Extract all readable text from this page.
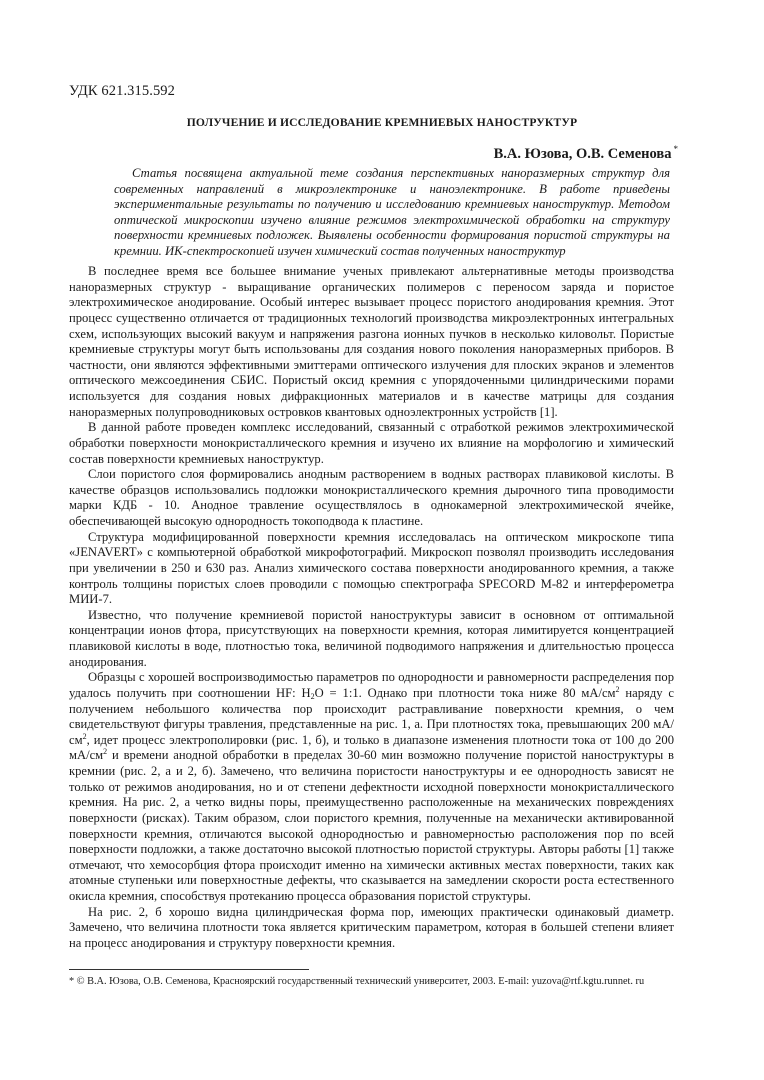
УДК 621.315.592
ПОЛУЧЕНИЕ И ИССЛЕДОВАНИЕ КРЕМНИЕВЫХ НАНОСТРУКТУР
В.А. Юзова, О.В. Семенова *
Статья посвящена актуальной теме создания перспективных наноразмерных структур для современных направлений в микроэлектронике и наноэлектронике. В работе приведены экспериментальные результаты по получению и исследованию кремниевых наноструктур. Методом оптической микроскопии изучено влияние режимов электрохимической обработки на структуру поверхности кремниевых подложек. Выявлены особенности формирования пористой структуры на кремнии. ИК-спектроскопией изучен химический состав полученных наноструктур

В последнее время все большее внимание ученых привлекают альтернативные методы производства наноразмерных структур - выращивание органических полимеров с переносом заряда и пористое электрохимическое анодирование. Особый интерес вызывает процесс пористого анодирования кремния. Этот процесс существенно отличается от традиционных технологий производства микроэлектронных интегральных схем, использующих высокий вакуум и напряжения разгона ионных пучков в несколько киловольт. Пористые кремниевые структуры могут быть использованы для создания нового поколения наноразмерных приборов. В частности, они являются эффективными эмиттерами оптического излучения для плоских экранов и элементов оптического межсоединения СБИС. Пористый оксид кремния с упорядоченными цилиндрическими порами используется для создания новых дифракционных материалов и в качестве матрицы для создания наноразмерных полупроводниковых островков квантовых одноэлектронных устройств [1].

В данной работе проведен комплекс исследований, связанный с отработкой режимов электрохимической обработки поверхности монокристаллического кремния и изучено их влияние на морфологию и химический состав поверхности кремниевых наноструктур.

Слои пористого слоя формировались анодным растворением в водных растворах плавиковой кислоты. В качестве образцов использовались подложки монокристаллического кремния дырочного типа проводимости марки КДБ - 10. Анодное травление осуществлялось в однокамерной электрохимической ячейке, обеспечивающей высокую однородность токоподвода к пластине.

Структура модифицированной поверхности кремния исследовалась на оптическом микроскопе типа «JENAVERT» с компьютерной обработкой микрофотографий. Микроскоп позволял производить исследования при увеличении в 250 и 630 раз. Анализ химического состава поверхности анодированного кремния, а также контроль толщины пористых слоев проводили с помощью спектрографа SPECORD M-82 и интерферометра МИИ-7.

Известно, что получение кремниевой пористой наноструктуры зависит в основном от оптимальной концентрации ионов фтора, присутствующих на поверхности кремния, которая лимитируется концентрацией плавиковой кислоты в воде, плотностью тока, величиной подводимого напряжения и длительностью процесса анодирования.

Образцы с хорошей воспроизводимостью параметров по однородности и равномерности распределения пор удалось получить при соотношении HF: $H_2O$ = 1:1. Однако при плотности тока ниже 80 $мА/см^2$ наряду с получением небольшого количества пор происходит растравливание поверхности кремния, о чем свидетельствуют фигуры травления, представленные на рис. 1, а. При плотностях тока, превышающих 200 $мА/см^2$, идет процесс электрополировки (рис. 1, б), и только в диапазоне изменения плотности тока от 100 до 200 $мА/см^2$ и времени анодной обработки в пределах 30-60 мин возможно получение пористой наноструктуры в кремнии (рис. 2, а и 2, б). Замечено, что величина пористости наноструктуры и ее однородность зависят не только от режимов анодирования, но и от степени дефектности исходной поверхности монокристаллического кремния. На рис. 2, а четко видны поры, преимущественно расположенные на механических повреждениях поверхности (рисках). Таким образом, слои пористого кремния, полученные на механически активированной поверхности кремния, отличаются высокой однородностью и равномерностью расположения пор по всей поверхности подложки, а также достаточно высокой плотностью пористой структуры. Авторы работы [1] также отмечают, что хемосорбция фтора происходит именно на химически активных местах поверхности, таких как атомные ступеньки или поверхностные дефекты, что сказывается на замедлении скорости роста естественного окисла кремния, способствуя протеканию процесса образования пористой структуры.

На рис. 2, б хорошо видна цилиндрическая форма пор, имеющих практически одинаковый диаметр. Замечено, что величина плотности тока является критическим параметром, которая в большей степени влияет на процесс анодирования и структуру поверхности кремния.

* © В.А. Юзова, О.В. Семенова, Красноярский государственный технический университет, 2003. E-mail: yuzova@rtf.kgtu.runnet. ru
